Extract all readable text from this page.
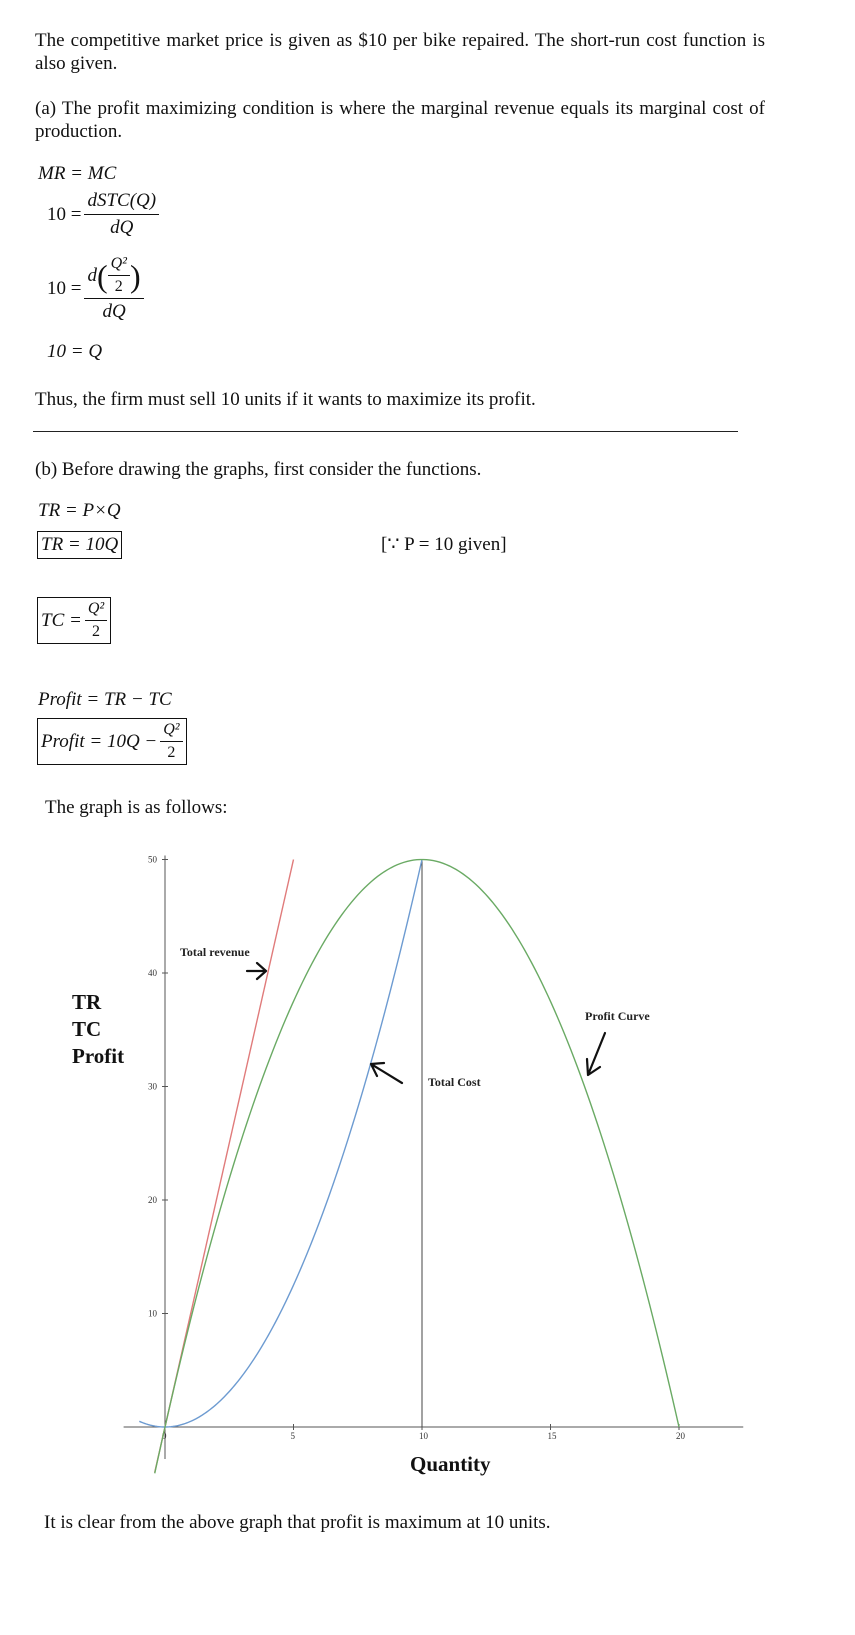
The competitive market price is given as $10 per bike repaired. The short-run cost function is also given.
(a) The profit maximizing condition is where the marginal revenue equals its marginal cost of production.
MR = MC
$10 = \frac{\text{dSTC(Q)}}{dQ}$
$10 = \frac{d ( \frac{\text{Q²}}{2} )}{dQ}$
10 = Q
Thus, the firm must sell 10 units if it wants to maximize its profit.
(b) Before drawing the graphs, first consider the functions.
TR = P×Q
TR = 10Q	[∵ P = 10 given]
TC = $\frac{\text{Q²}}{2}$
Profit = TR − TC
Profit = $10Q - \frac{\text{Q²}}{2}$
The graph is as follows:
0	5	10	15	20
10
20
30
40
50
TR
TC
Profit
Quantity
Total revenue
Total Cost
Profit Curve
It is clear from the above graph that profit is maximum at 10 units.
